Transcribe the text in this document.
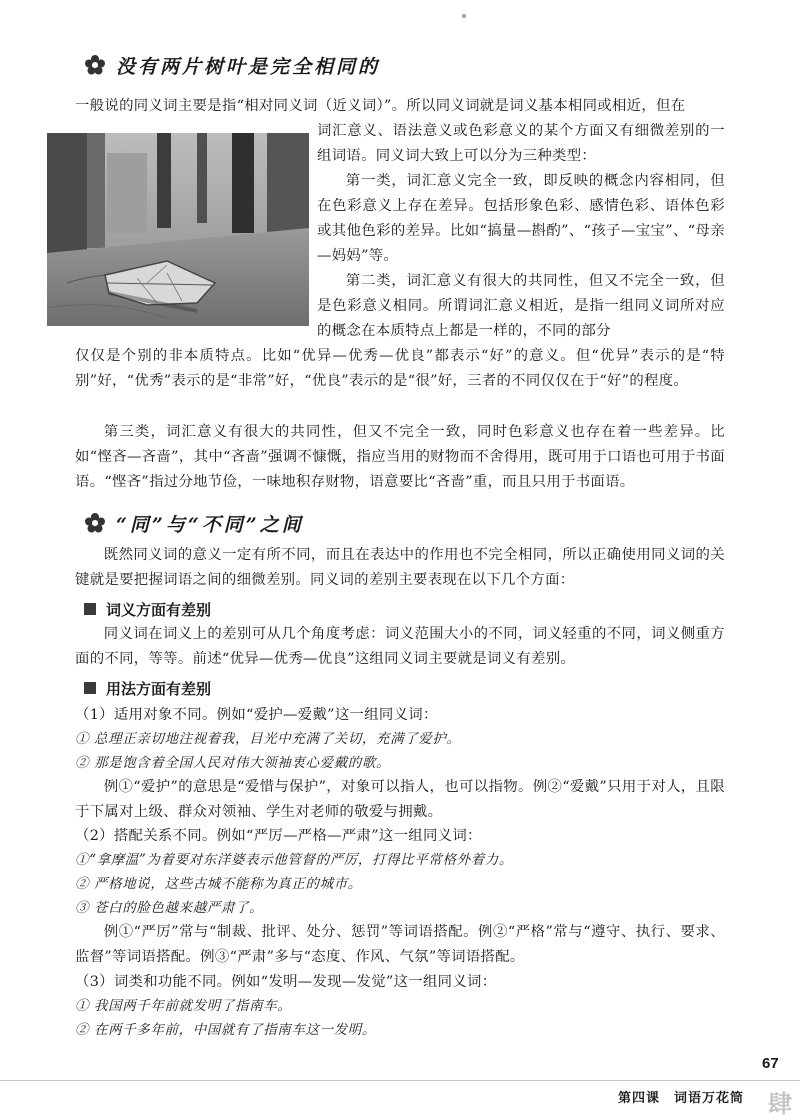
没有两片树叶是完全相同的

一般说的同义词主要是指“相对同义词（近义词）”。所以同义词就是词义基本相同或相近，但在

词汇意义、语法意义或色彩意义的某个方面又有细微差别的一组词语。同义词大致上可以分为三种类型：

第一类，词汇意义完全一致，即反映的概念内容相同，但在色彩意义上存在差异。包括形象色彩、感情色彩、语体色彩或其他色彩的差异。比如“搞量—斟酌”、“孩子—宝宝”、“母亲—妈妈”等。

第二类，词汇意义有很大的共同性，但又不完全一致，但是色彩意义相同。所谓词汇意义相近，是指一组同义词所对应的概念在本质特点上都是一样的，不同的部分

仅仅是个别的非本质特点。比如“优异—优秀—优良”都表示“好”的意义。但“优异”表示的是“特别”好，“优秀”表示的是“非常”好，“优良”表示的是“很”好，三者的不同仅仅在于“好”的程度。

第三类，词汇意义有很大的共同性，但又不完全一致，同时色彩意义也存在着一些差异。比如“悭吝—吝啬”，其中“吝啬”强调不慷慨，指应当用的财物而不舍得用，既可用于口语也可用于书面语。“悭吝”指过分地节俭，一味地积存财物，语意要比“吝啬”重，而且只用于书面语。

“同”与“不同”之间

既然同义词的意义一定有所不同，而且在表达中的作用也不完全相同，所以正确使用同义词的关键就是要把握词语之间的细微差别。同义词的差别主要表现在以下几个方面：

词义方面有差别

同义词在词义上的差别可从几个角度考虑：词义范围大小的不同，词义轻重的不同，词义侧重方面的不同，等等。前述“优异—优秀—优良”这组同义词主要就是词义有差别。

用法方面有差别

（1）适用对象不同。例如“爱护—爱戴”这一组同义词：

① 总理正亲切地注视着我，目光中充满了关切，充满了爱护。
② 那是饱含着全国人民对伟大领袖衷心爱戴的歌。

例①“爱护”的意思是“爱惜与保护”，对象可以指人，也可以指物。例②“爱戴”只用于对人，且限于下属对上级、群众对领袖、学生对老师的敬爱与拥戴。

（2）搭配关系不同。例如“严厉—严格—严肃”这一组同义词：

①“拿摩温”为着要对东洋婆表示他管督的严厉，打得比平常格外着力。
② 严格地说，这些古城不能称为真正的城市。
③ 苍白的脸色越来越严肃了。

例①“严厉”常与“制裁、批评、处分、惩罚”等词语搭配。例②“严格”常与“遵守、执行、要求、监督”等词语搭配。例③“严肃”多与“态度、作风、气氛”等词语搭配。

（3）词类和功能不同。例如“发明—发现—发觉”这一组同义词：

① 我国两千年前就发明了指南车。
② 在两千多年前，中国就有了指南车这一发明。
67
第四课　词语万花筒 肆
